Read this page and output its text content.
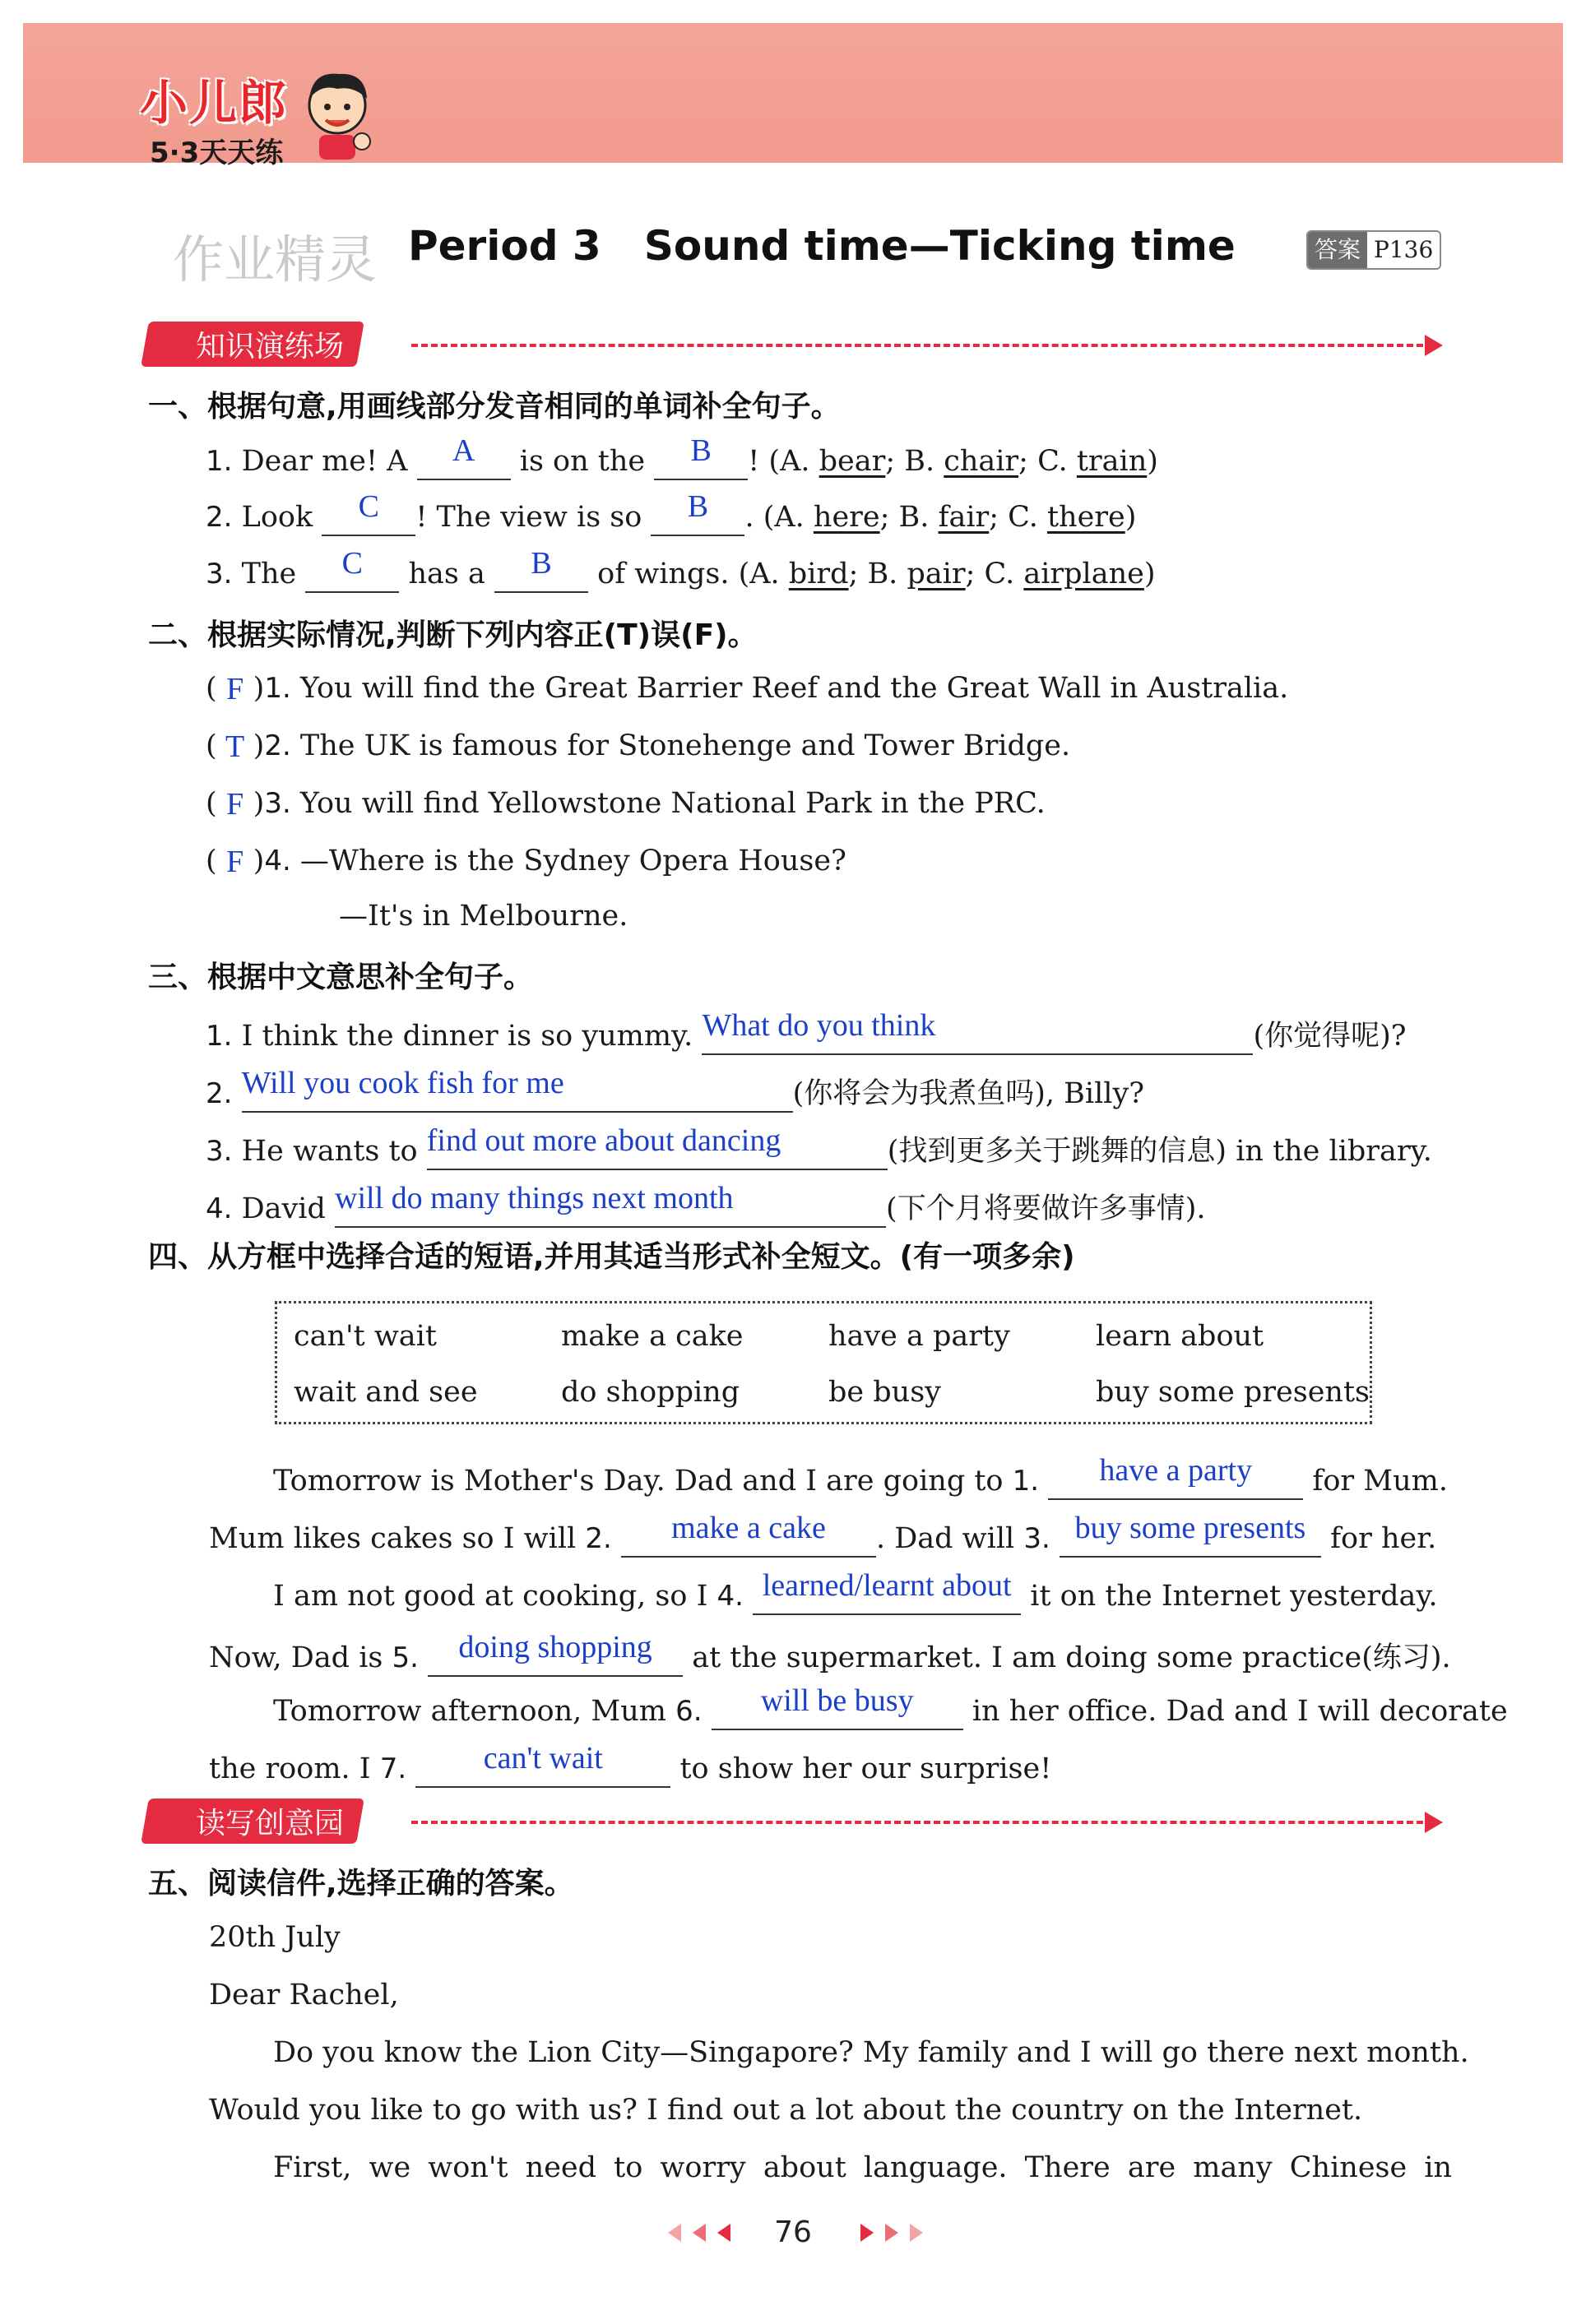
小儿郎
5·3天天练
作业精灵 Period 3   Sound time—Ticking time	答案 P136
知识演练场
一、根据句意,用画线部分发音相同的单词补全句子。
1. Dear me! A A is on the B ! (A. bear; B. chair; C. train)
2. Look C ! The view is so B . (A. here; B. fair; C. there)
3. The C has a B of wings. (A. bird; B. pair; C. airplane)
二、根据实际情况,判断下列内容正(T)误(F)。
( F )1. You will find the Great Barrier Reef and the Great Wall in Australia.
( T )2. The UK is famous for Stonehenge and Tower Bridge.
( F )3. You will find Yellowstone National Park in the PRC.
( F )4. —Where is the Sydney Opera House?
—It's in Melbourne.
三、根据中文意思补全句子。
1. I think the dinner is so yummy. What do you think	(你觉得呢)?
2. Will you cook fish for me	(你将会为我煮鱼吗), Billy?
3. He wants to find out more about dancing	(找到更多关于跳舞的信息) in the library.
4. David will do many things next month	(下个月将要做许多事情).
四、从方框中选择合适的短语,并用其适当形式补全短文。(有一项多余)
can't wait	make a cake	have a party	learn about
wait and see	do shopping	be busy	buy some presents
Tomorrow is Mother's Day. Dad and I are going to 1. have a party for Mum.
Mum likes cakes so I will 2. make a cake . Dad will 3. buy some presents for her.
I am not good at cooking, so I 4. learned/learnt about it on the Internet yesterday.
Now, Dad is 5. doing shopping at the supermarket. I am doing some practice(练习).
Tomorrow afternoon, Mum 6. will be busy in her office. Dad and I will decorate
the room. I 7. can't wait	to show her our surprise!
读写创意园
五、阅读信件,选择正确的答案。
20th July
Dear Rachel,
Do you know the Lion City—Singapore? My family and I will go there next month.
Would you like to go with us? I find out a lot about the country on the Internet.
First, we won't need to worry about language. There are many Chinese in
76
